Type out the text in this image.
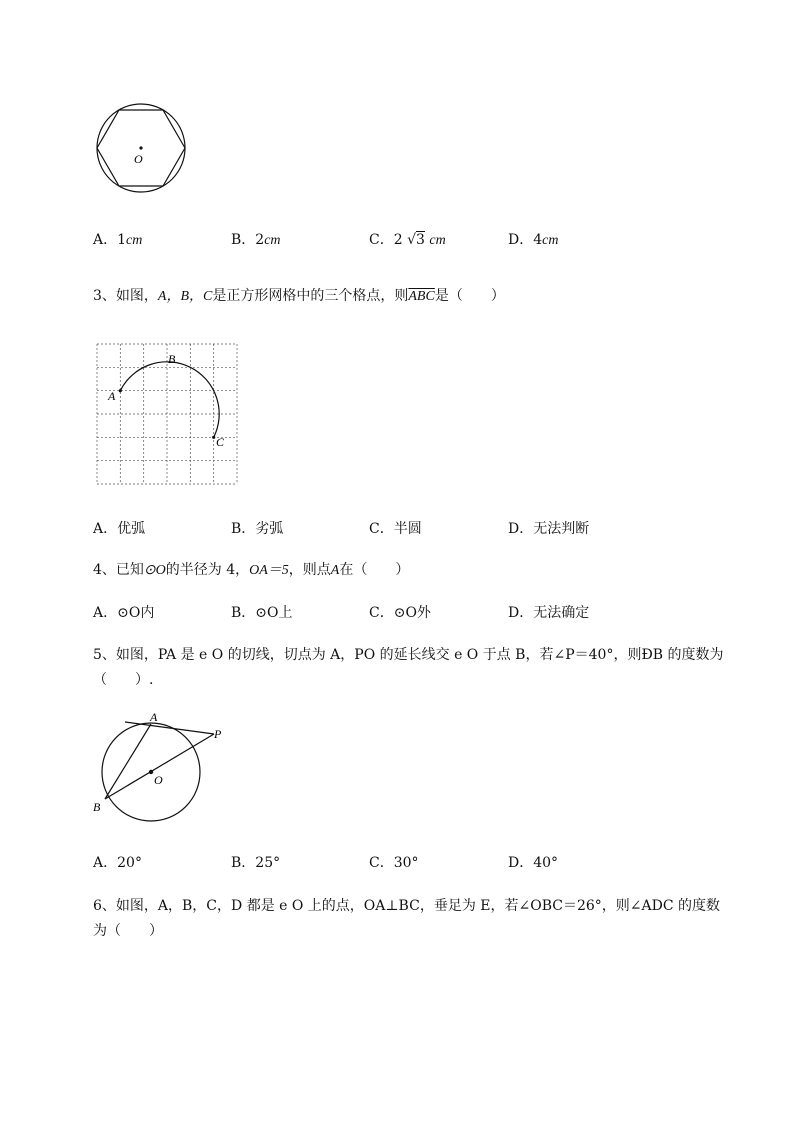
O
A．1cm	B．2cm	C．2 √3 cm	D．4cm
3、如图，A，B，C是正方形网格中的三个格点，则$\overline{ABC}$是（　　）
A
B
C
A．优弧	B．劣弧	C．半圆	D．无法判断
4、已知⊙O的半径为 4，OA＝5，则点A在（　　）
A．⊙O内	B．⊙O上	C．⊙O外	D．无法确定
5、如图，PA 是 e O 的切线，切点为 A，PO 的延长线交 e O 于点 B，若∠P＝40°，则ÐB 的度数为
（　　）.
A
P
O
B
A．20°	B．25°	C．30°	D．40°
6、如图，A，B，C，D 都是 e O 上的点，OA⊥BC，垂足为 E，若∠OBC＝26°，则∠ADC 的度数
为（　　）
